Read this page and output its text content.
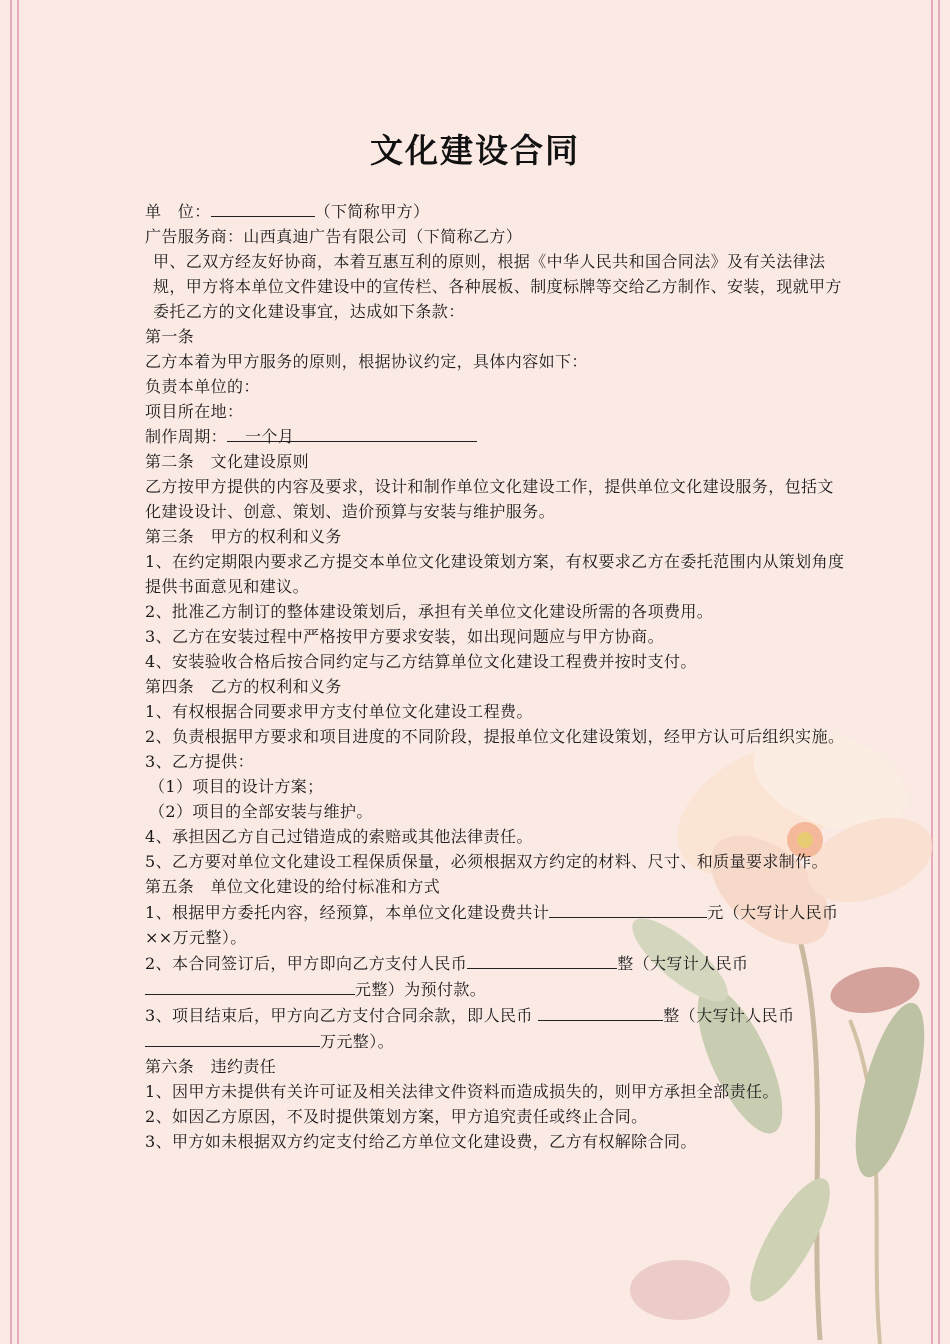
文化建设合同

单　位：	（下简称甲方）

广告服务商：山西真迪广告有限公司（下简称乙方）

甲、乙双方经友好协商，本着互惠互利的原则，根据《中华人民共和国合同法》及有关法律法规，甲方将本单位文件建设中的宣传栏、各种展板、制度标牌等交给乙方制作、安装，现就甲方委托乙方的文化建设事宜，达成如下条款：

第一条

乙方本着为甲方服务的原则，根据协议约定，具体内容如下：

负责本单位的：

项目所在地：

制作周期： 一个月

第二条　文化建设原则

乙方按甲方提供的内容及要求，设计和制作单位文化建设工作，提供单位文化建设服务，包括文化建设设计、创意、策划、造价预算与安装与维护服务。

第三条　甲方的权利和义务

1、在约定期限内要求乙方提交本单位文化建设策划方案，有权要求乙方在委托范围内从策划角度提供书面意见和建议。

2、批准乙方制订的整体建设策划后，承担有关单位文化建设所需的各项费用。

3、乙方在安装过程中严格按甲方要求安装，如出现问题应与甲方协商。

4、安装验收合格后按合同约定与乙方结算单位文化建设工程费并按时支付。

第四条　乙方的权利和义务

1、有权根据合同要求甲方支付单位文化建设工程费。

2、负责根据甲方要求和项目进度的不同阶段，提报单位文化建设策划，经甲方认可后组织实施。

3、乙方提供：

（1）项目的设计方案；

（2）项目的全部安装与维护。

4、承担因乙方自己过错造成的索赔或其他法律责任。

5、乙方要对单位文化建设工程保质保量，必须根据双方约定的材料、尺寸、和质量要求制作。

第五条　单位文化建设的给付标准和方式

1、根据甲方委托内容，经预算，本单位文化建设费共计	元（大写计人民币××万元整）。

2、本合同签订后，甲方即向乙方支付人民币	整（大写计人民币 元整）为预付款。

3、项目结束后，甲方向乙方支付合同余款，即人民币	整（大写计人民币 万元整）。

第六条　违约责任

1、因甲方未提供有关许可证及相关法律文件资料而造成损失的，则甲方承担全部责任。

2、如因乙方原因，不及时提供策划方案，甲方追究责任或终止合同。

3、甲方如未根据双方约定支付给乙方单位文化建设费，乙方有权解除合同。
